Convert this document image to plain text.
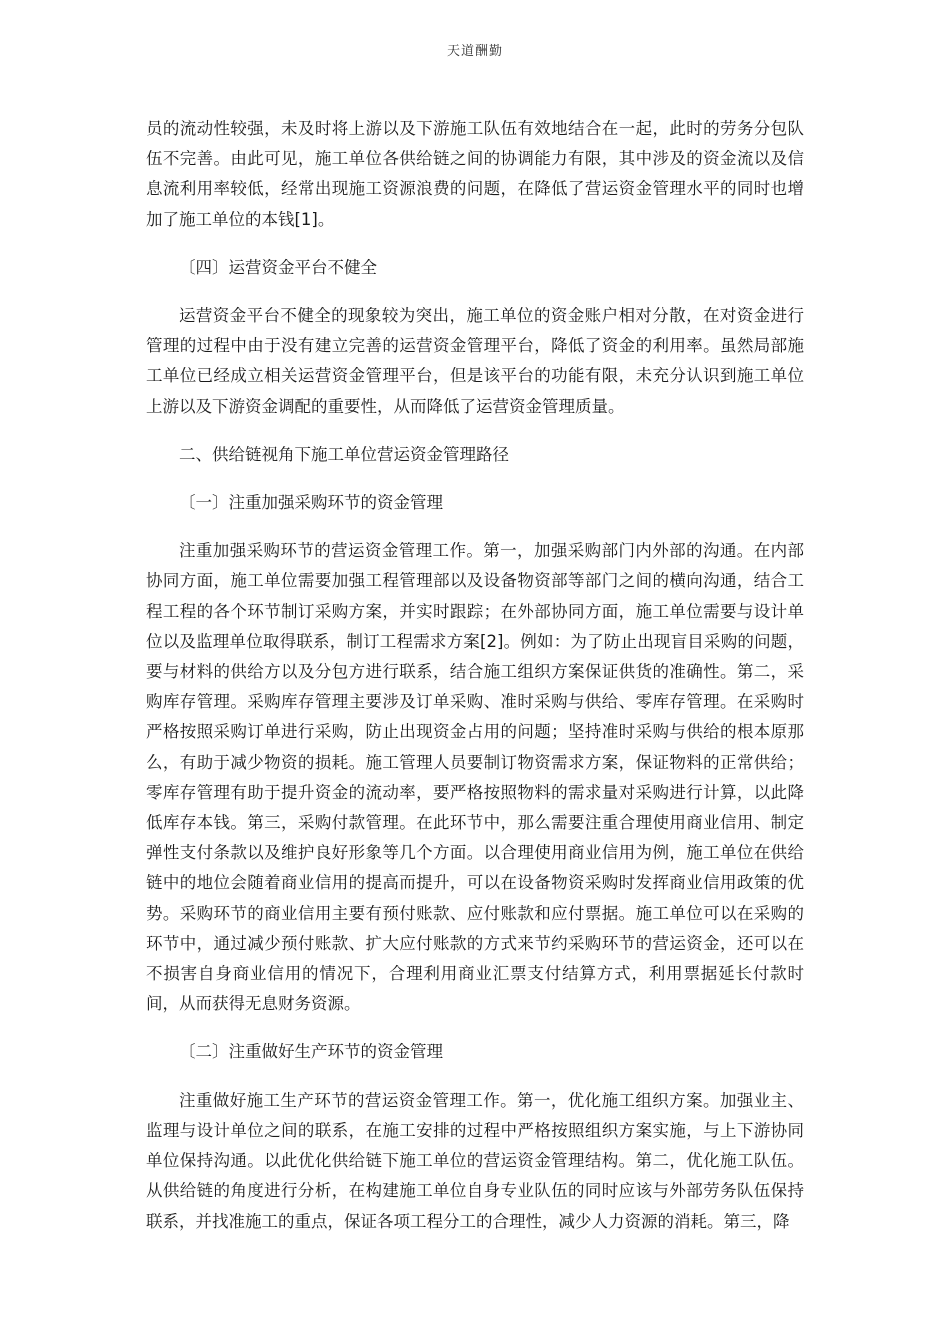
天道酬勤

员的流动性较强，未及时将上游以及下游施工队伍有效地结合在一起，此时的劳务分包队伍不完善。由此可见，施工单位各供给链之间的协调能力有限，其中涉及的资金流以及信息流利用率较低，经常出现施工资源浪费的问题，在降低了营运资金管理水平的同时也增加了施工单位的本钱[1]。

〔四〕运营资金平台不健全

运营资金平台不健全的现象较为突出，施工单位的资金账户相对分散，在对资金进行管理的过程中由于没有建立完善的运营资金管理平台，降低了资金的利用率。虽然局部施工单位已经成立相关运营资金管理平台，但是该平台的功能有限，未充分认识到施工单位上游以及下游资金调配的重要性，从而降低了运营资金管理质量。

二、供给链视角下施工单位营运资金管理路径

〔一〕注重加强采购环节的资金管理

注重加强采购环节的营运资金管理工作。第一，加强采购部门内外部的沟通。在内部协同方面，施工单位需要加强工程管理部以及设备物资部等部门之间的横向沟通，结合工程工程的各个环节制订采购方案，并实时跟踪；在外部协同方面，施工单位需要与设计单位以及监理单位取得联系，制订工程需求方案[2]。例如：为了防止出现盲目采购的问题，要与材料的供给方以及分包方进行联系，结合施工组织方案保证供货的准确性。第二，采购库存管理。采购库存管理主要涉及订单采购、准时采购与供给、零库存管理。在采购时严格按照采购订单进行采购，防止出现资金占用的问题；坚持准时采购与供给的根本原那么，有助于减少物资的损耗。施工管理人员要制订物资需求方案，保证物料的正常供给；零库存管理有助于提升资金的流动率，要严格按照物料的需求量对采购进行计算，以此降低库存本钱。第三，采购付款管理。在此环节中，那么需要注重合理使用商业信用、制定弹性支付条款以及维护良好形象等几个方面。以合理使用商业信用为例，施工单位在供给链中的地位会随着商业信用的提高而提升，可以在设备物资采购时发挥商业信用政策的优势。采购环节的商业信用主要有预付账款、应付账款和应付票据。施工单位可以在采购的环节中，通过减少预付账款、扩大应付账款的方式来节约采购环节的营运资金，还可以在不损害自身商业信用的情况下，合理利用商业汇票支付结算方式，利用票据延长付款时间，从而获得无息财务资源。

〔二〕注重做好生产环节的资金管理

注重做好施工生产环节的营运资金管理工作。第一，优化施工组织方案。加强业主、监理与设计单位之间的联系，在施工安排的过程中严格按照组织方案实施，与上下游协同单位保持沟通。以此优化供给链下施工单位的营运资金管理结构。第二，优化施工队伍。从供给链的角度进行分析，在构建施工单位自身专业队伍的同时应该与外部劳务队伍保持联系，并找准施工的重点，保证各项工程分工的合理性，减少人力资源的消耗。第三，降
